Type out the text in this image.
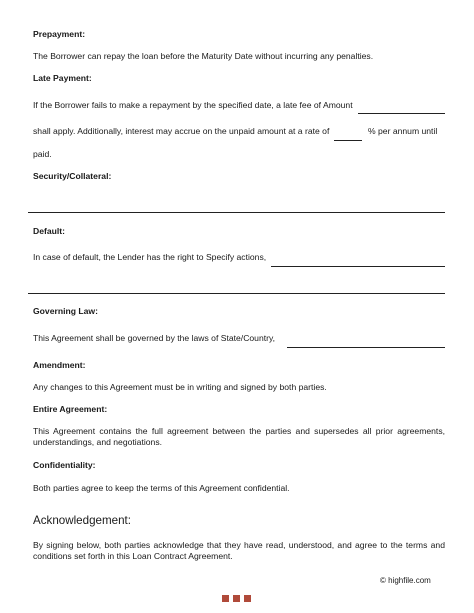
Prepayment:

The Borrower can repay the loan before the Maturity Date without incurring any penalties.

Late Payment:

If the Borrower fails to make a repayment by the specified date, a late fee of Amount

shall apply. Additionally, interest may accrue on the unpaid amount at a rate of	% per annum until

paid.

Security/Collateral:

Default:

In case of default, the Lender has the right to Specify actions,

Governing Law:

This Agreement shall be governed by the laws of State/Country,

Amendment:

Any changes to this Agreement must be in writing and signed by both parties.

Entire Agreement:

This Agreement contains the full agreement between the parties and supersedes all prior agreements, understandings, and negotiations.

Confidentiality:

Both parties agree to keep the terms of this Agreement confidential.

Acknowledgement:

By signing below, both parties acknowledge that they have read, understood, and agree to the terms and conditions set forth in this Loan Contract Agreement.

© highfile.com
